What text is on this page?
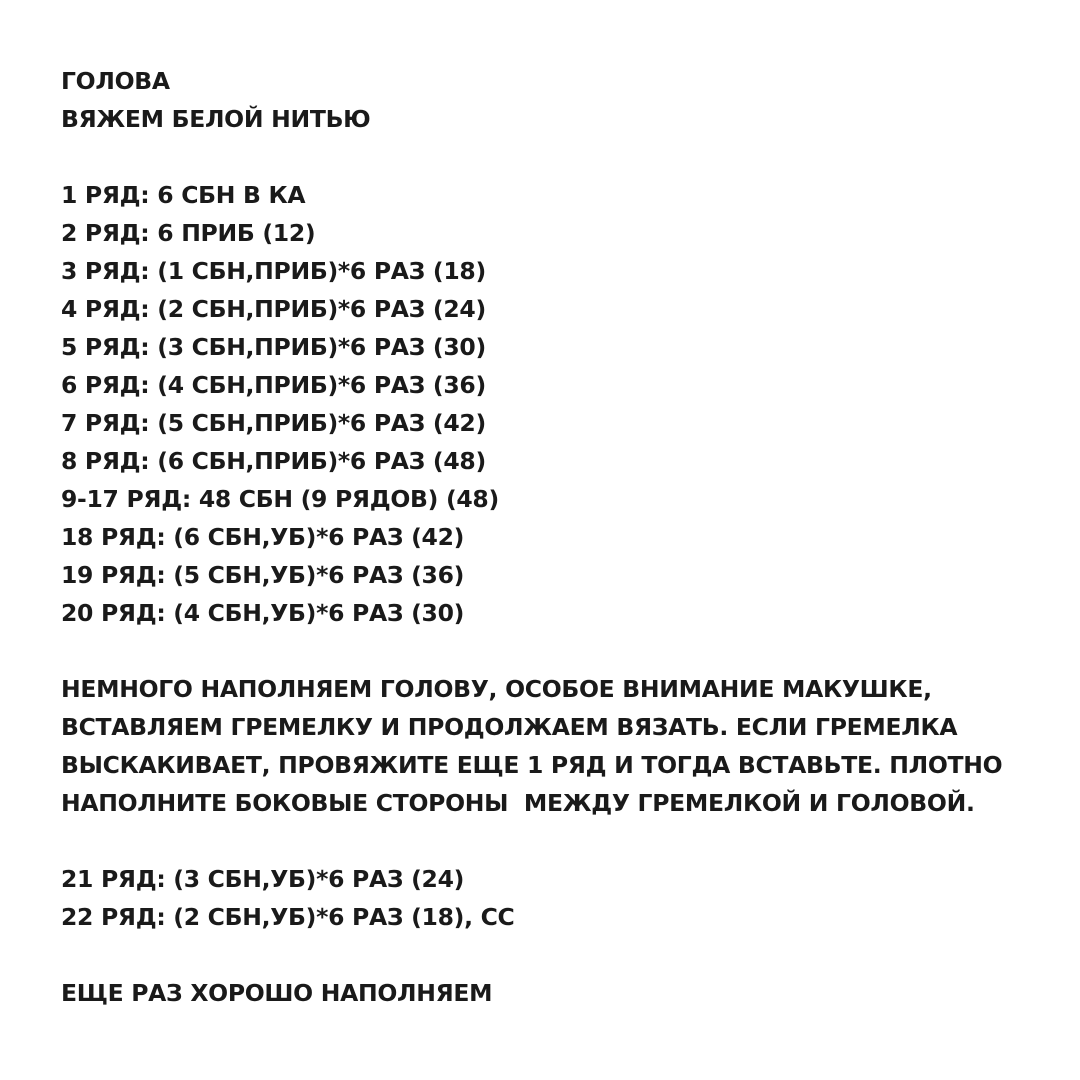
ГОЛОВА

ВЯЖЕМ БЕЛОЙ НИТЬЮ

1 РЯД: 6 СБН В КА

2 РЯД: 6 ПРИБ (12)

3 РЯД: (1 СБН,ПРИБ)*6 РАЗ (18)

4 РЯД: (2 СБН,ПРИБ)*6 РАЗ (24)

5 РЯД: (3 СБН,ПРИБ)*6 РАЗ (30)

6 РЯД: (4 СБН,ПРИБ)*6 РАЗ (36)

7 РЯД: (5 СБН,ПРИБ)*6 РАЗ (42)

8 РЯД: (6 СБН,ПРИБ)*6 РАЗ (48)

9-17 РЯД: 48 СБН (9 РЯДОВ) (48)

18 РЯД: (6 СБН,УБ)*6 РАЗ (42)

19 РЯД: (5 СБН,УБ)*6 РАЗ (36)

20 РЯД: (4 СБН,УБ)*6 РАЗ (30)

НЕМНОГО НАПОЛНЯЕМ ГОЛОВУ, ОСОБОЕ ВНИМАНИЕ МАКУШКЕ,

ВСТАВЛЯЕМ ГРЕМЕЛКУ И ПРОДОЛЖАЕМ ВЯЗАТЬ. ЕСЛИ ГРЕМЕЛКА

ВЫСКАКИВАЕТ, ПРОВЯЖИТЕ ЕЩЕ 1 РЯД И ТОГДА ВСТАВЬТЕ. ПЛОТНО

НАПОЛНИТЕ БОКОВЫЕ СТОРОНЫ  МЕЖДУ ГРЕМЕЛКОЙ И ГОЛОВОЙ.

21 РЯД: (3 СБН,УБ)*6 РАЗ (24)

22 РЯД: (2 СБН,УБ)*6 РАЗ (18), СС

ЕЩЕ РАЗ ХОРОШО НАПОЛНЯЕМ
